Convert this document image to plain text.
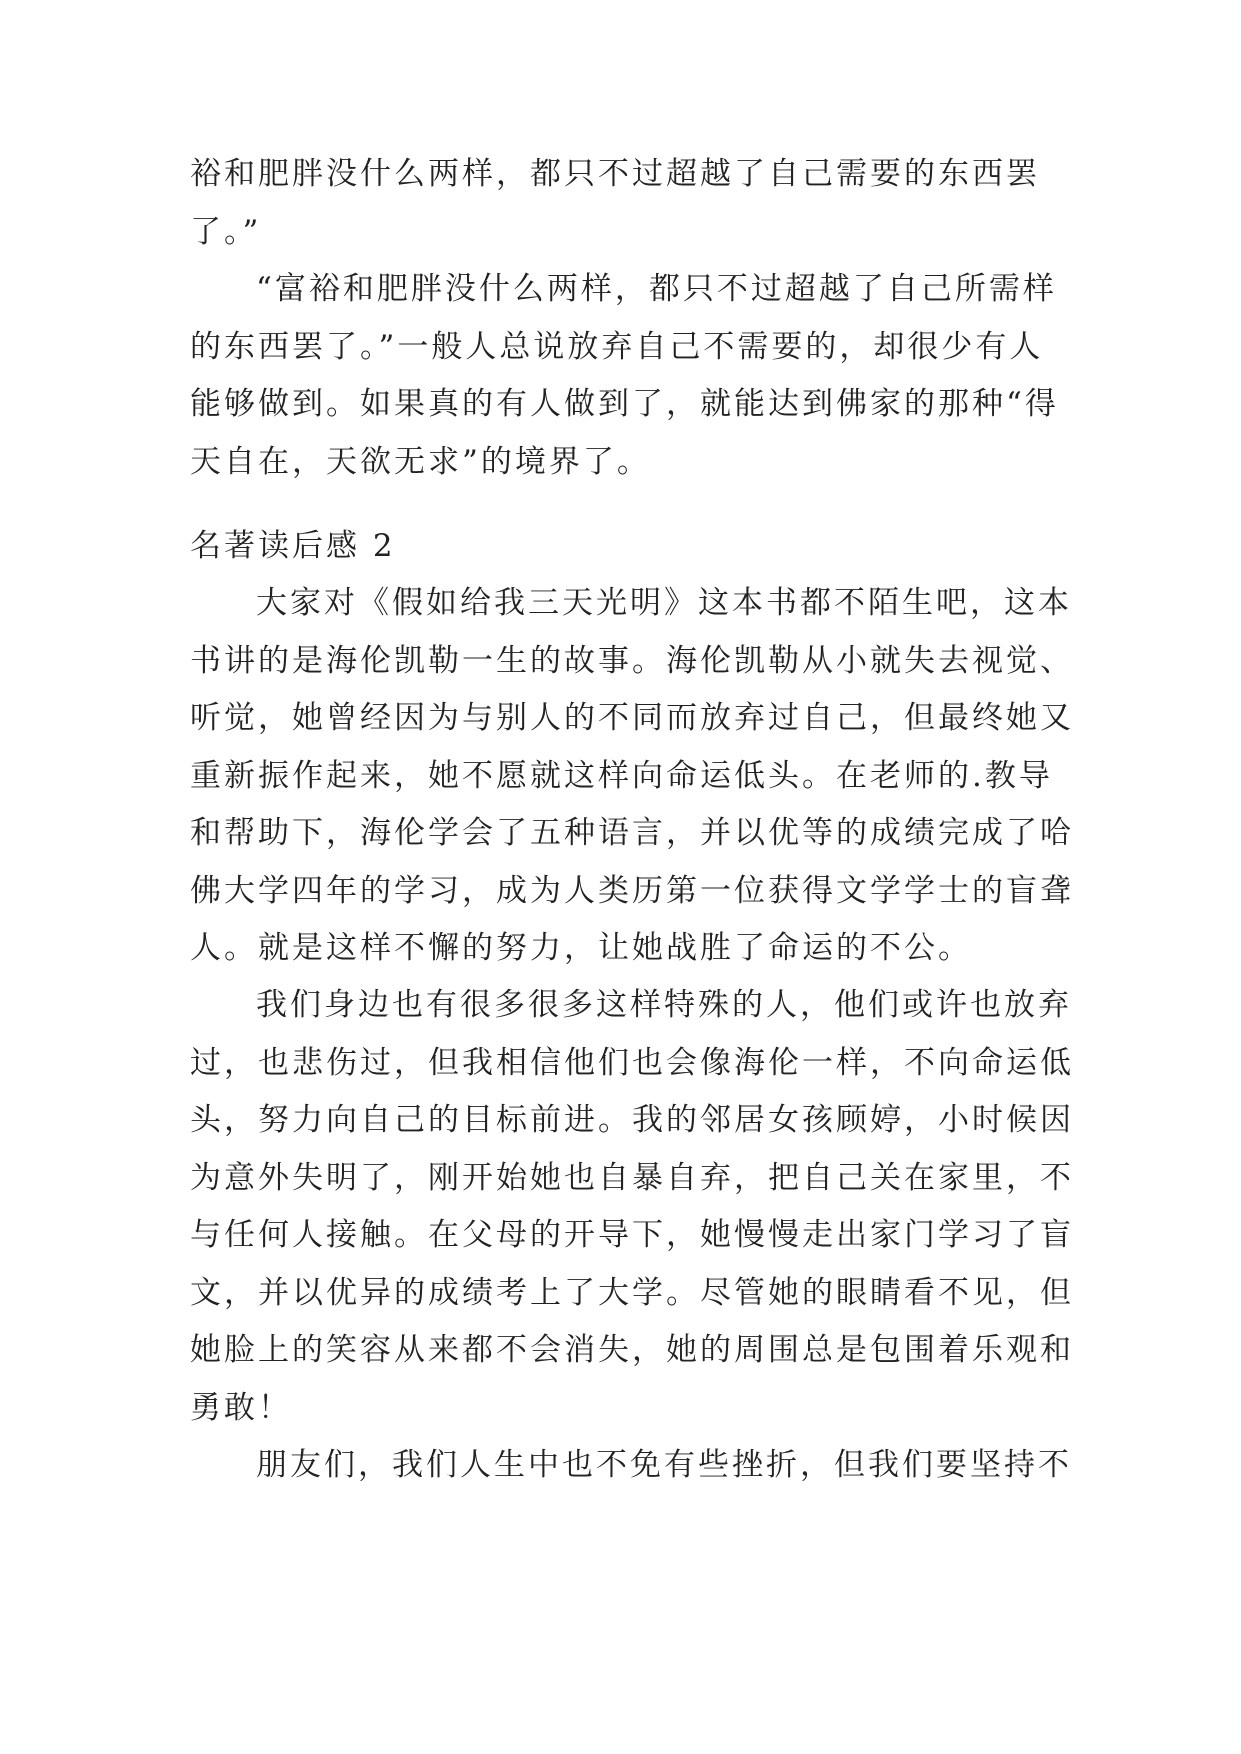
裕和肥胖没什么两样，都只不过超越了自己需要的东西罢
了。”
“富裕和肥胖没什么两样，都只不过超越了自己所需样
的东西罢了。”一般人总说放弃自己不需要的，却很少有人
能够做到。如果真的有人做到了，就能达到佛家的那种“得
天自在，天欲无求”的境界了。
名著读后感 2
大家对《假如给我三天光明》这本书都不陌生吧，这本
书讲的是海伦凯勒一生的故事。海伦凯勒从小就失去视觉、
听觉，她曾经因为与别人的不同而放弃过自己，但最终她又
重新振作起来，她不愿就这样向命运低头。在老师的.教导
和帮助下，海伦学会了五种语言，并以优等的成绩完成了哈
佛大学四年的学习，成为人类历第一位获得文学学士的盲聋
人。就是这样不懈的努力，让她战胜了命运的不公。
我们身边也有很多很多这样特殊的人，他们或许也放弃
过，也悲伤过，但我相信他们也会像海伦一样，不向命运低
头，努力向自己的目标前进。我的邻居女孩顾婷，小时候因
为意外失明了，刚开始她也自暴自弃，把自己关在家里，不
与任何人接触。在父母的开导下，她慢慢走出家门学习了盲
文，并以优异的成绩考上了大学。尽管她的眼睛看不见，但
她脸上的笑容从来都不会消失，她的周围总是包围着乐观和
勇敢！
朋友们，我们人生中也不免有些挫折，但我们要坚持不
